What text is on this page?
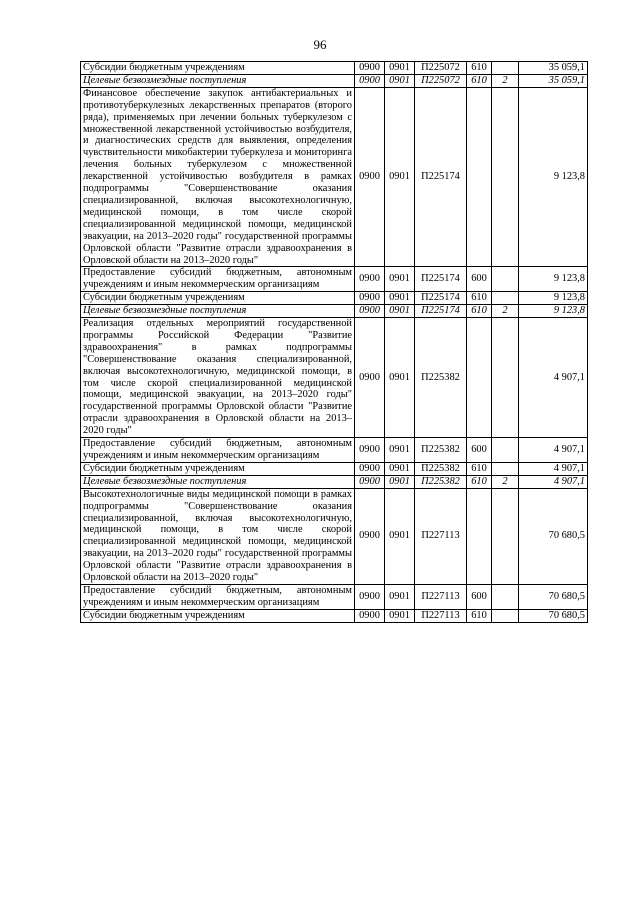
96
Субсидии бюджетным учреждениям	0900	0901	П225072	610		35 059,1
Целевые безвозмездные поступления	0900	0901	П225072	610	2	35 059,1
Финансовое обеспечение закупок антибактериальных и противотуберкулезных лекарственных препаратов (второго ряда), применяемых при лечении больных туберкулезом с множественной лекарственной устойчивостью возбудителя, и диагностических средств для выявления, определения чувствительности микобактерии туберкулеза и мониторинга лечения больных туберкулезом с множественной лекарственной устойчивостью возбудителя в рамках подпрограммы "Совершенствование оказания специализированной, включая высокотехнологичную, медицинской помощи, в том числе скорой специализированной медицинской помощи, медицинской эвакуации, на 2013–2020 годы" государственной программы Орловской области "Развитие отрасли здравоохранения в Орловской области на 2013–2020 годы"	0900	0901	П225174			9 123,8
Предоставление субсидий бюджетным, автономным учреждениям и иным некоммерческим организациям	0900	0901	П225174	600		9 123,8
Субсидии бюджетным учреждениям	0900	0901	П225174	610		9 123,8
Целевые безвозмездные поступления	0900	0901	П225174	610	2	9 123,8
Реализация отдельных мероприятий государственной программы Российской Федерации "Развитие здравоохранения" в рамках подпрограммы "Совершенствование оказания специализированной, включая высокотехнологичную, медицинской помощи, в том числе скорой специализированной медицинской помощи, медицинской эвакуации, на 2013–2020 годы" государственной программы Орловской области "Развитие отрасли здравоохранения в Орловской области на 2013–2020 годы"	0900	0901	П225382			4 907,1
Предоставление субсидий бюджетным, автономным учреждениям и иным некоммерческим организациям	0900	0901	П225382	600		4 907,1
Субсидии бюджетным учреждениям	0900	0901	П225382	610		4 907,1
Целевые безвозмездные поступления	0900	0901	П225382	610	2	4 907,1
Высокотехнологичные виды медицинской помощи в рамках подпрограммы "Совершенствование оказания специализированной, включая высокотехнологичную, медицинской помощи, в том числе скорой специализированной медицинской помощи, медицинской эвакуации, на 2013–2020 годы" государственной программы Орловской области "Развитие отрасли здравоохранения в Орловской области на 2013–2020 годы"	0900	0901	П227113			70 680,5
Предоставление субсидий бюджетным, автономным учреждениям и иным некоммерческим организациям	0900	0901	П227113	600		70 680,5
Субсидии бюджетным учреждениям	0900	0901	П227113	610		70 680,5
